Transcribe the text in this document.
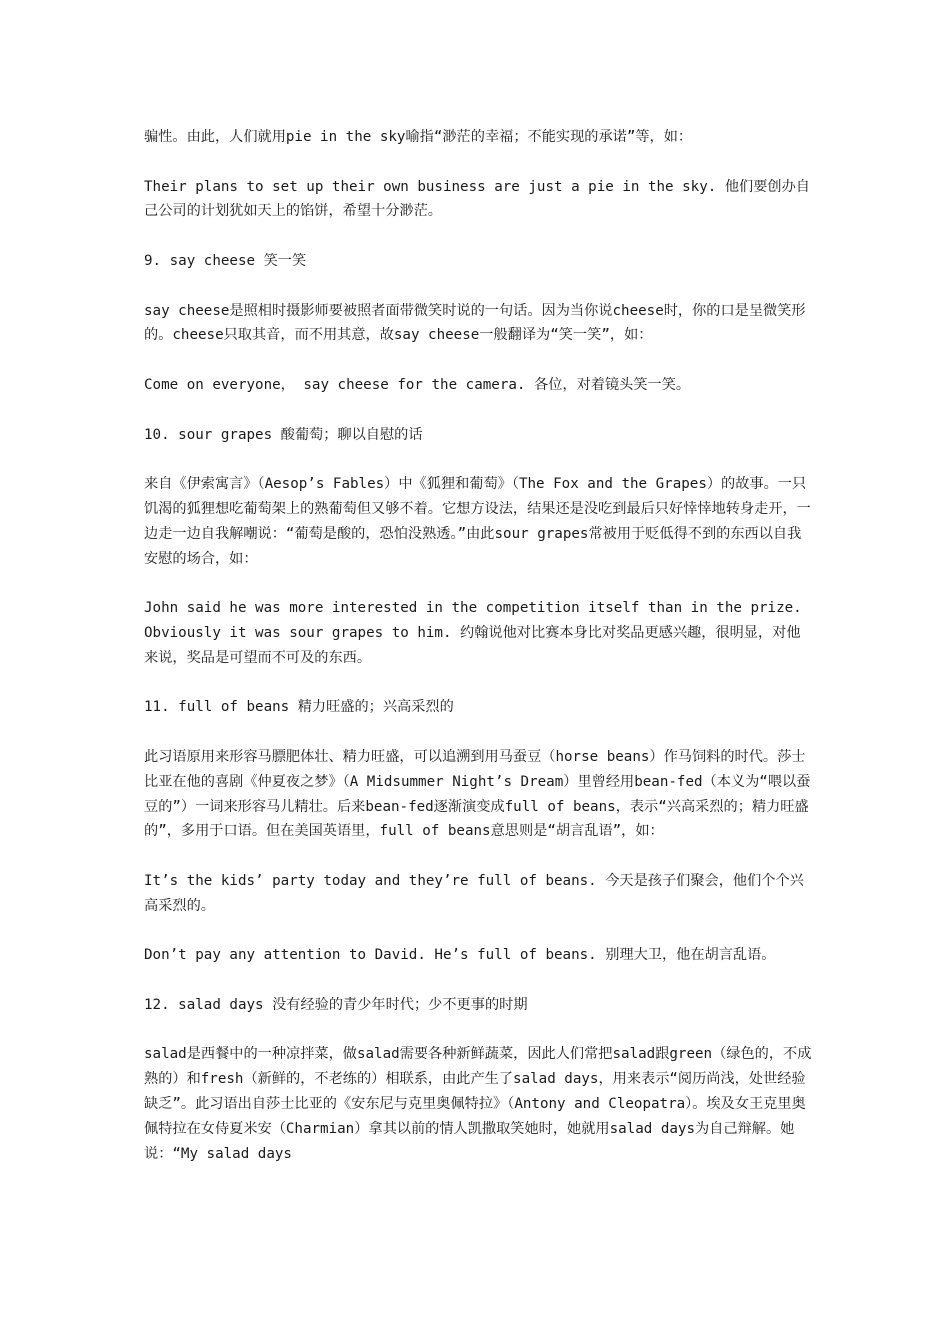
骗性。由此，人们就用pie in the sky喻指“渺茫的幸福；不能实现的承诺”等，如：

Their plans to set up their own business are just a pie in the sky. 他们要创办自己公司的计划犹如天上的馅饼，希望十分渺茫。

9. say cheese 笑一笑

say cheese是照相时摄影师要被照者面带微笑时说的一句话。因为当你说cheese时，你的口是呈微笑形的。cheese只取其音，而不用其意，故say cheese一般翻译为“笑一笑”，如：

Come on everyone， say cheese for the camera. 各位，对着镜头笑一笑。

10. sour grapes 酸葡萄；聊以自慰的话

来自《伊索寓言》（Aesop’s Fables）中《狐狸和葡萄》（The Fox and the Grapes）的故事。一只饥渴的狐狸想吃葡萄架上的熟葡萄但又够不着。它想方设法，结果还是没吃到最后只好悻悻地转身走开，一边走一边自我解嘲说：“葡萄是酸的，恐怕没熟透。”由此sour grapes常被用于贬低得不到的东西以自我安慰的场合，如：

John said he was more interested in the competition itself than in the prize. Obviously it was sour grapes to him. 约翰说他对比赛本身比对奖品更感兴趣，很明显，对他来说，奖品是可望而不可及的东西。

11. full of beans 精力旺盛的；兴高采烈的

此习语原用来形容马膘肥体壮、精力旺盛，可以追溯到用马蚕豆（horse beans）作马饲料的时代。莎士比亚在他的喜剧《仲夏夜之梦》（A Midsummer Night’s Dream）里曾经用bean-fed（本义为“喂以蚕豆的”）一词来形容马儿精壮。后来bean-fed逐渐演变成full of beans，表示“兴高采烈的；精力旺盛的”，多用于口语。但在美国英语里，full of beans意思则是“胡言乱语”，如：

It’s the kids’ party today and they’re full of beans. 今天是孩子们聚会，他们个个兴高采烈的。

Don’t pay any attention to David. He’s full of beans. 别理大卫，他在胡言乱语。

12. salad days 没有经验的青少年时代；少不更事的时期

salad是西餐中的一种凉拌菜，做salad需要各种新鲜蔬菜，因此人们常把salad跟green（绿色的，不成熟的）和fresh（新鲜的，不老练的）相联系，由此产生了salad days，用来表示“阅历尚浅，处世经验缺乏”。此习语出自莎士比亚的《安东尼与克里奥佩特拉》（Antony and Cleopatra）。埃及女王克里奥佩特拉在女侍夏米安（Charmian）拿其以前的情人凯撒取笑她时，她就用salad days为自己辩解。她说：“My salad days
